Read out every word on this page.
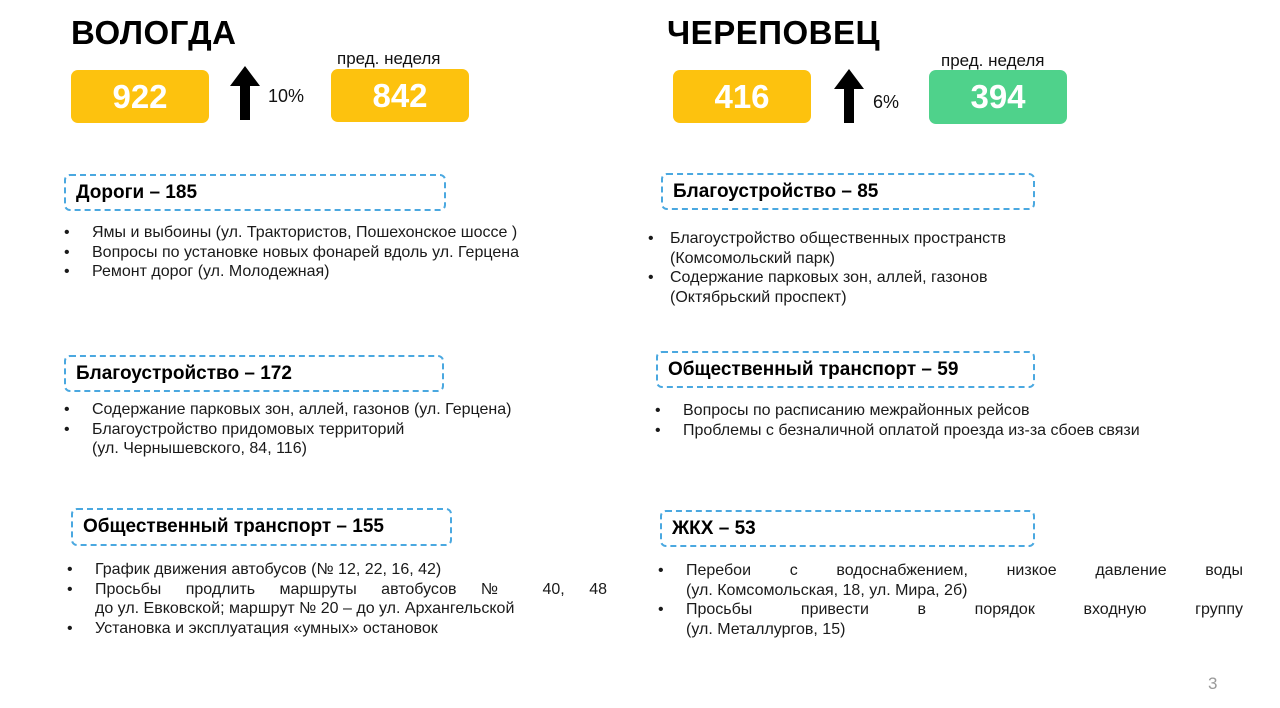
ВОЛОГДА
922	10%
пред. неделя
842
Дороги – 185
• Ямы и выбоины (ул. Трактористов, Пошехонское шоссе )
• Вопросы по установке новых фонарей вдоль ул. Герцена
• Ремонт дорог (ул. Молодежная)
Благоустройство – 172
• Содержание парковых зон, аллей, газонов (ул. Герцена)
• Благоустройство придомовых территорий
(ул. Чернышевского, 84, 116)
Общественный транспорт – 155
• График движения автобусов (№ 12, 22, 16, 42)
• Просьбы продлить маршруты автобусов № 40, 48
до ул. Евковской; маршрут № 20 – до ул. Архангельской
• Установка и эксплуатация «умных» остановок
ЧЕРЕПОВЕЦ
416	6%
пред. неделя
394
Благоустройство – 85
• Благоустройство общественных пространств
(Комсомольский парк)
• Содержание парковых зон, аллей, газонов
(Октябрьский проспект)
Общественный транспорт – 59
• Вопросы по расписанию межрайонных рейсов
• Проблемы с безналичной оплатой проезда из-за сбоев связи
ЖКХ – 53
• Перебои с водоснабжением, низкое давление воды
(ул. Комсомольская, 18, ул. Мира, 2б)
• Просьбы привести в порядок входную группу
(ул. Металлургов, 15)
3
